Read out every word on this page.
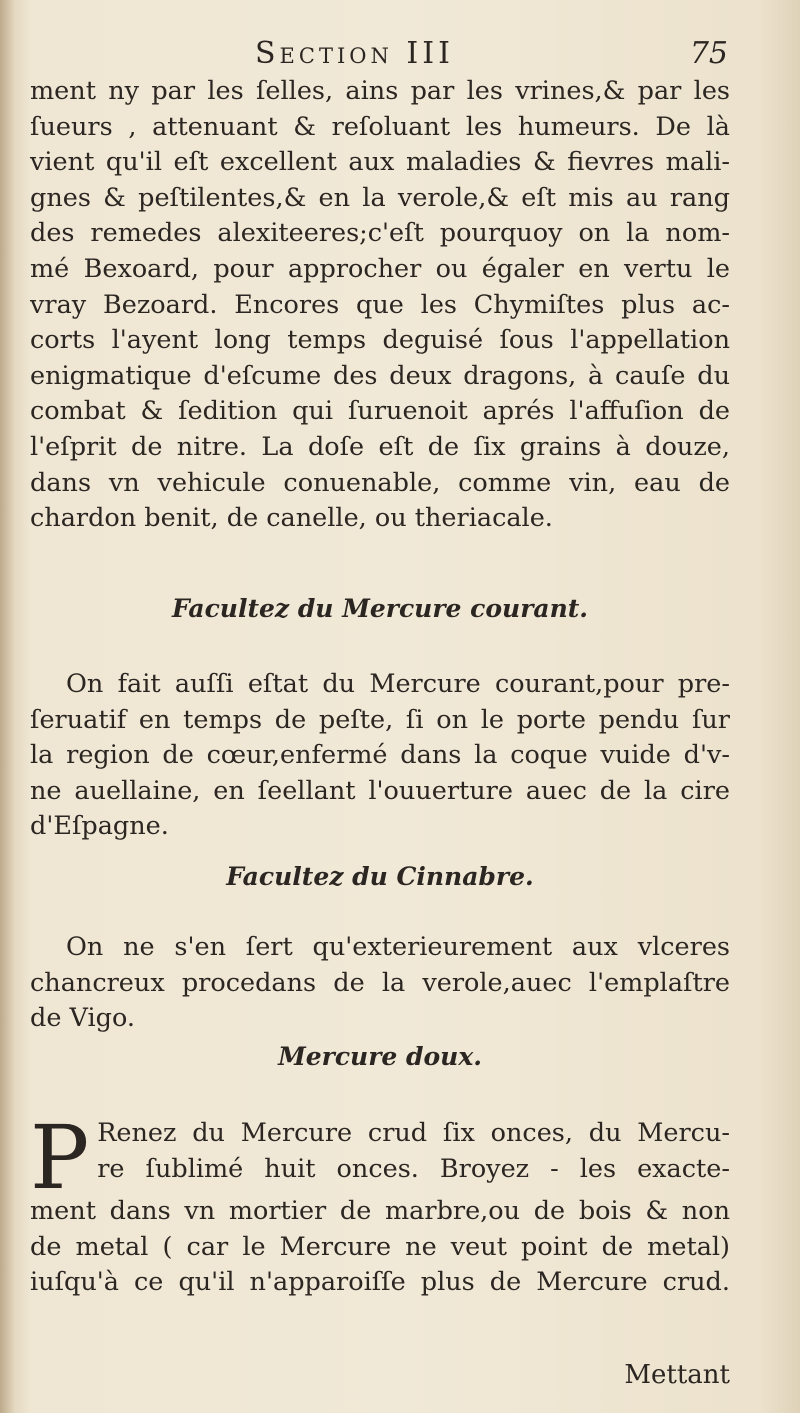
Section III	75
ment ny par les ſelles, ains par les vrines,& par les
ſueurs , attenuant & reſoluant les humeurs. De là
vient qu'il eſt excellent aux maladies & fievres mali-
gnes & peſtilentes,& en la verole,& eſt mis au rang
des remedes alexiteeres;c'eſt pourquoy on la nom-
mé Bexoard, pour approcher ou égaler en vertu le
vray Bezoard. Encores que les Chymiſtes plus ac-
corts l'ayent long temps deguisé ſous l'appellation
enigmatique d'eſcume des deux dragons, à cauſe du
combat & ſedition qui ſuruenoit aprés l'affuſion de
l'eſprit de nitre. La doſe eſt de ſix grains à douze,
dans vn vehicule conuenable, comme vin, eau de
chardon benit, de canelle, ou theriacale.
Facultez du Mercure courant.
On fait auſſi eſtat du Mercure courant,pour pre-
ſeruatif en temps de peſte, ſi on le porte pendu ſur
la region de cœur,enfermé dans la coque vuide d'v-
ne auellaine, en ſeellant l'ouuerture auec de la cire
d'Eſpagne.
Facultez du Cinnabre.
On ne s'en ſert qu'exterieurement aux vlceres
chancreux procedans de la verole,auec l'emplaſtre
de Vigo.
Mercure doux.
P Renez du Mercure crud ſix onces, du Mercu-
re ſublimé huit onces. Broyez - les exacte-
ment dans vn mortier de marbre,ou de bois & non
de metal ( car le Mercure ne veut point de metal)
iuſqu'à ce qu'il n'apparoiſſe plus de Mercure crud.
Mettant
